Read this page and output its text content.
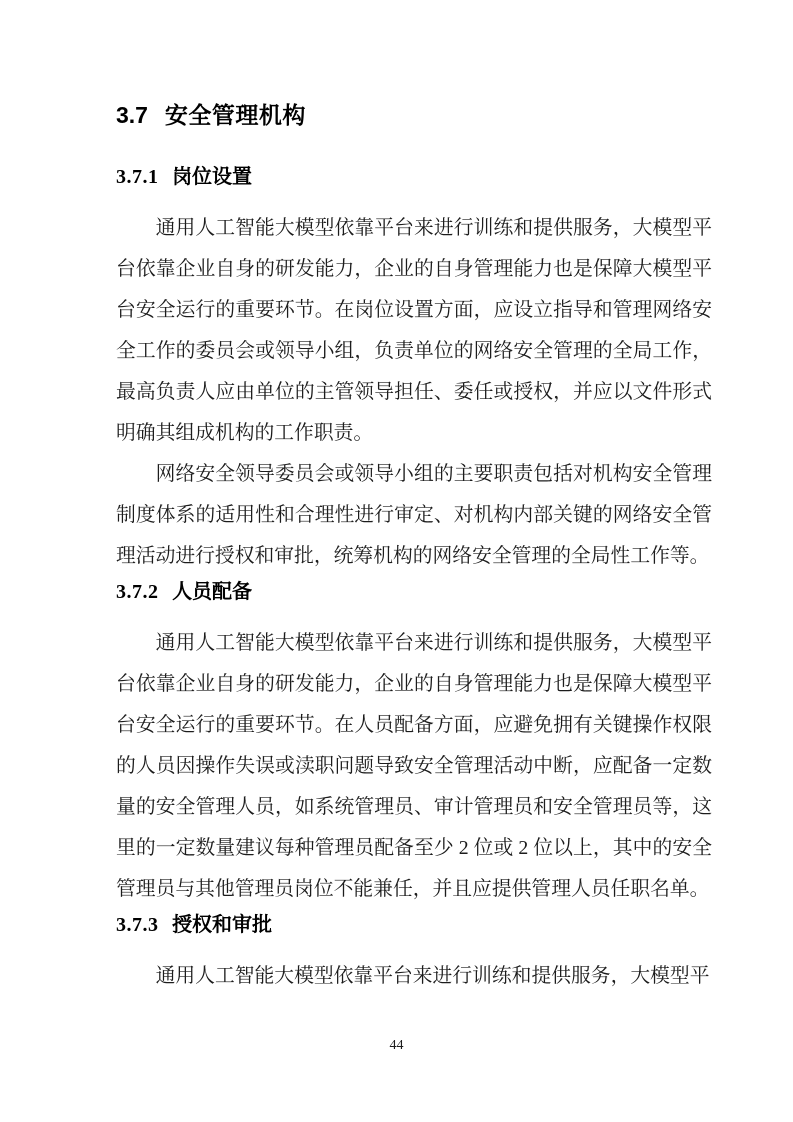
3.7 安全管理机构
3.7.1 岗位设置

通用人工智能大模型依靠平台来进行训练和提供服务，大模型平台依靠企业自身的研发能力，企业的自身管理能力也是保障大模型平台安全运行的重要环节。在岗位设置方面，应设立指导和管理网络安全工作的委员会或领导小组，负责单位的网络安全管理的全局工作，最高负责人应由单位的主管领导担任、委任或授权，并应以文件形式明确其组成机构的工作职责。

网络安全领导委员会或领导小组的主要职责包括对机构安全管理制度体系的适用性和合理性进行审定、对机构内部关键的网络安全管理活动进行授权和审批，统筹机构的网络安全管理的全局性工作等。

3.7.2 人员配备

通用人工智能大模型依靠平台来进行训练和提供服务，大模型平台依靠企业自身的研发能力，企业的自身管理能力也是保障大模型平台安全运行的重要环节。在人员配备方面，应避免拥有关键操作权限的人员因操作失误或渎职问题导致安全管理活动中断，应配备一定数量的安全管理人员，如系统管理员、审计管理员和安全管理员等，这里的一定数量建议每种管理员配备至少 2 位或 2 位以上，其中的安全管理员与其他管理员岗位不能兼任，并且应提供管理人员任职名单。

3.7.3 授权和审批

通用人工智能大模型依靠平台来进行训练和提供服务，大模型平

44
